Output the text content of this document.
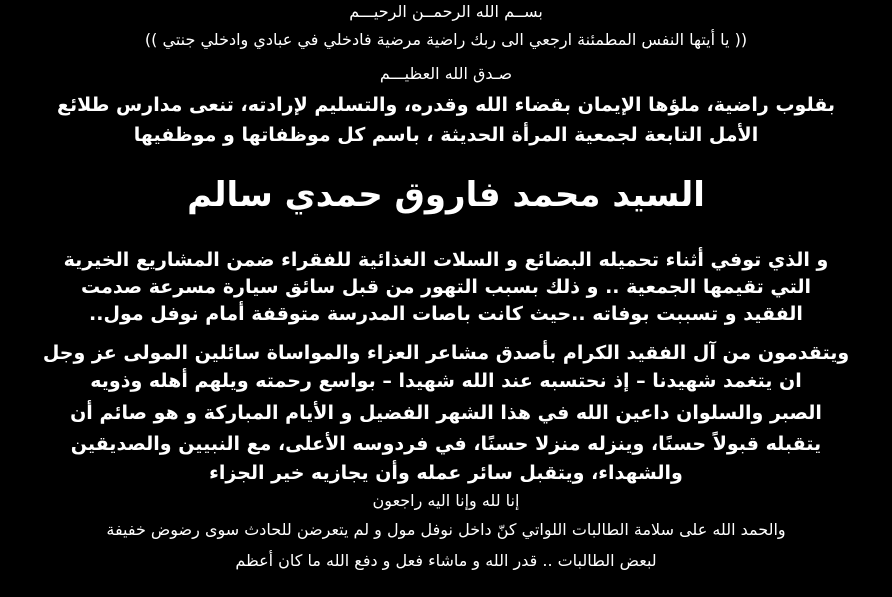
بســم الله الرحمــن الرحيـــم
(( يا أيتها النفس المطمئنة ارجعي الى ربك راضية مرضية فادخلي في عبادي وادخلي جنتي ))
صـدق الله العظيـــم
بقلوب راضية، ملؤها الإيمان بقضاء الله وقدره، والتسليم لإرادته، تنعى مدارس طلائع
الأمل التابعة لجمعية المرأة الحديثة ، باسم كل موظفاتها و موظفيها
السيد محمد فاروق حمدي سالم
و الذي توفي أثناء تحميله البضائع و السلات الغذائية للفقراء ضمن المشاريع الخيرية
التي تقيمها الجمعية .. و ذلك بسبب التهور من قبل سائق سيارة مسرعة صدمت
الفقيد و تسببت بوفاته ..حيث كانت باصات المدرسة متوقفة أمام نوفل مول..
ويتقدمون من آل الفقيد الكرام بأصدق مشاعر العزاء والمواساة سائلين المولى عز وجل
ان يتغمد شهيدنا – إذ نحتسبه عند الله شهيدا – بواسع رحمته ويلهم أهله وذويه
الصبر والسلوان داعين الله في هذا الشهر الفضيل و الأيام المباركة و هو صائم أن
يتقبله قبولاً حسنًا، وينزله منزلا حسنًا، في فردوسه الأعلى، مع النبيين والصديقين
والشهداء، ويتقبل سائر عمله وأن يجازيه خير الجزاء
إنا لله وإنا اليه راجعون
والحمد الله على سلامة الطالبات اللواتي كنّ داخل نوفل مول و لم يتعرضن للحادث سوى رضوض خفيفة
لبعض الطالبات .. قدر الله و ماشاء فعل و دفع الله ما كان أعظم
